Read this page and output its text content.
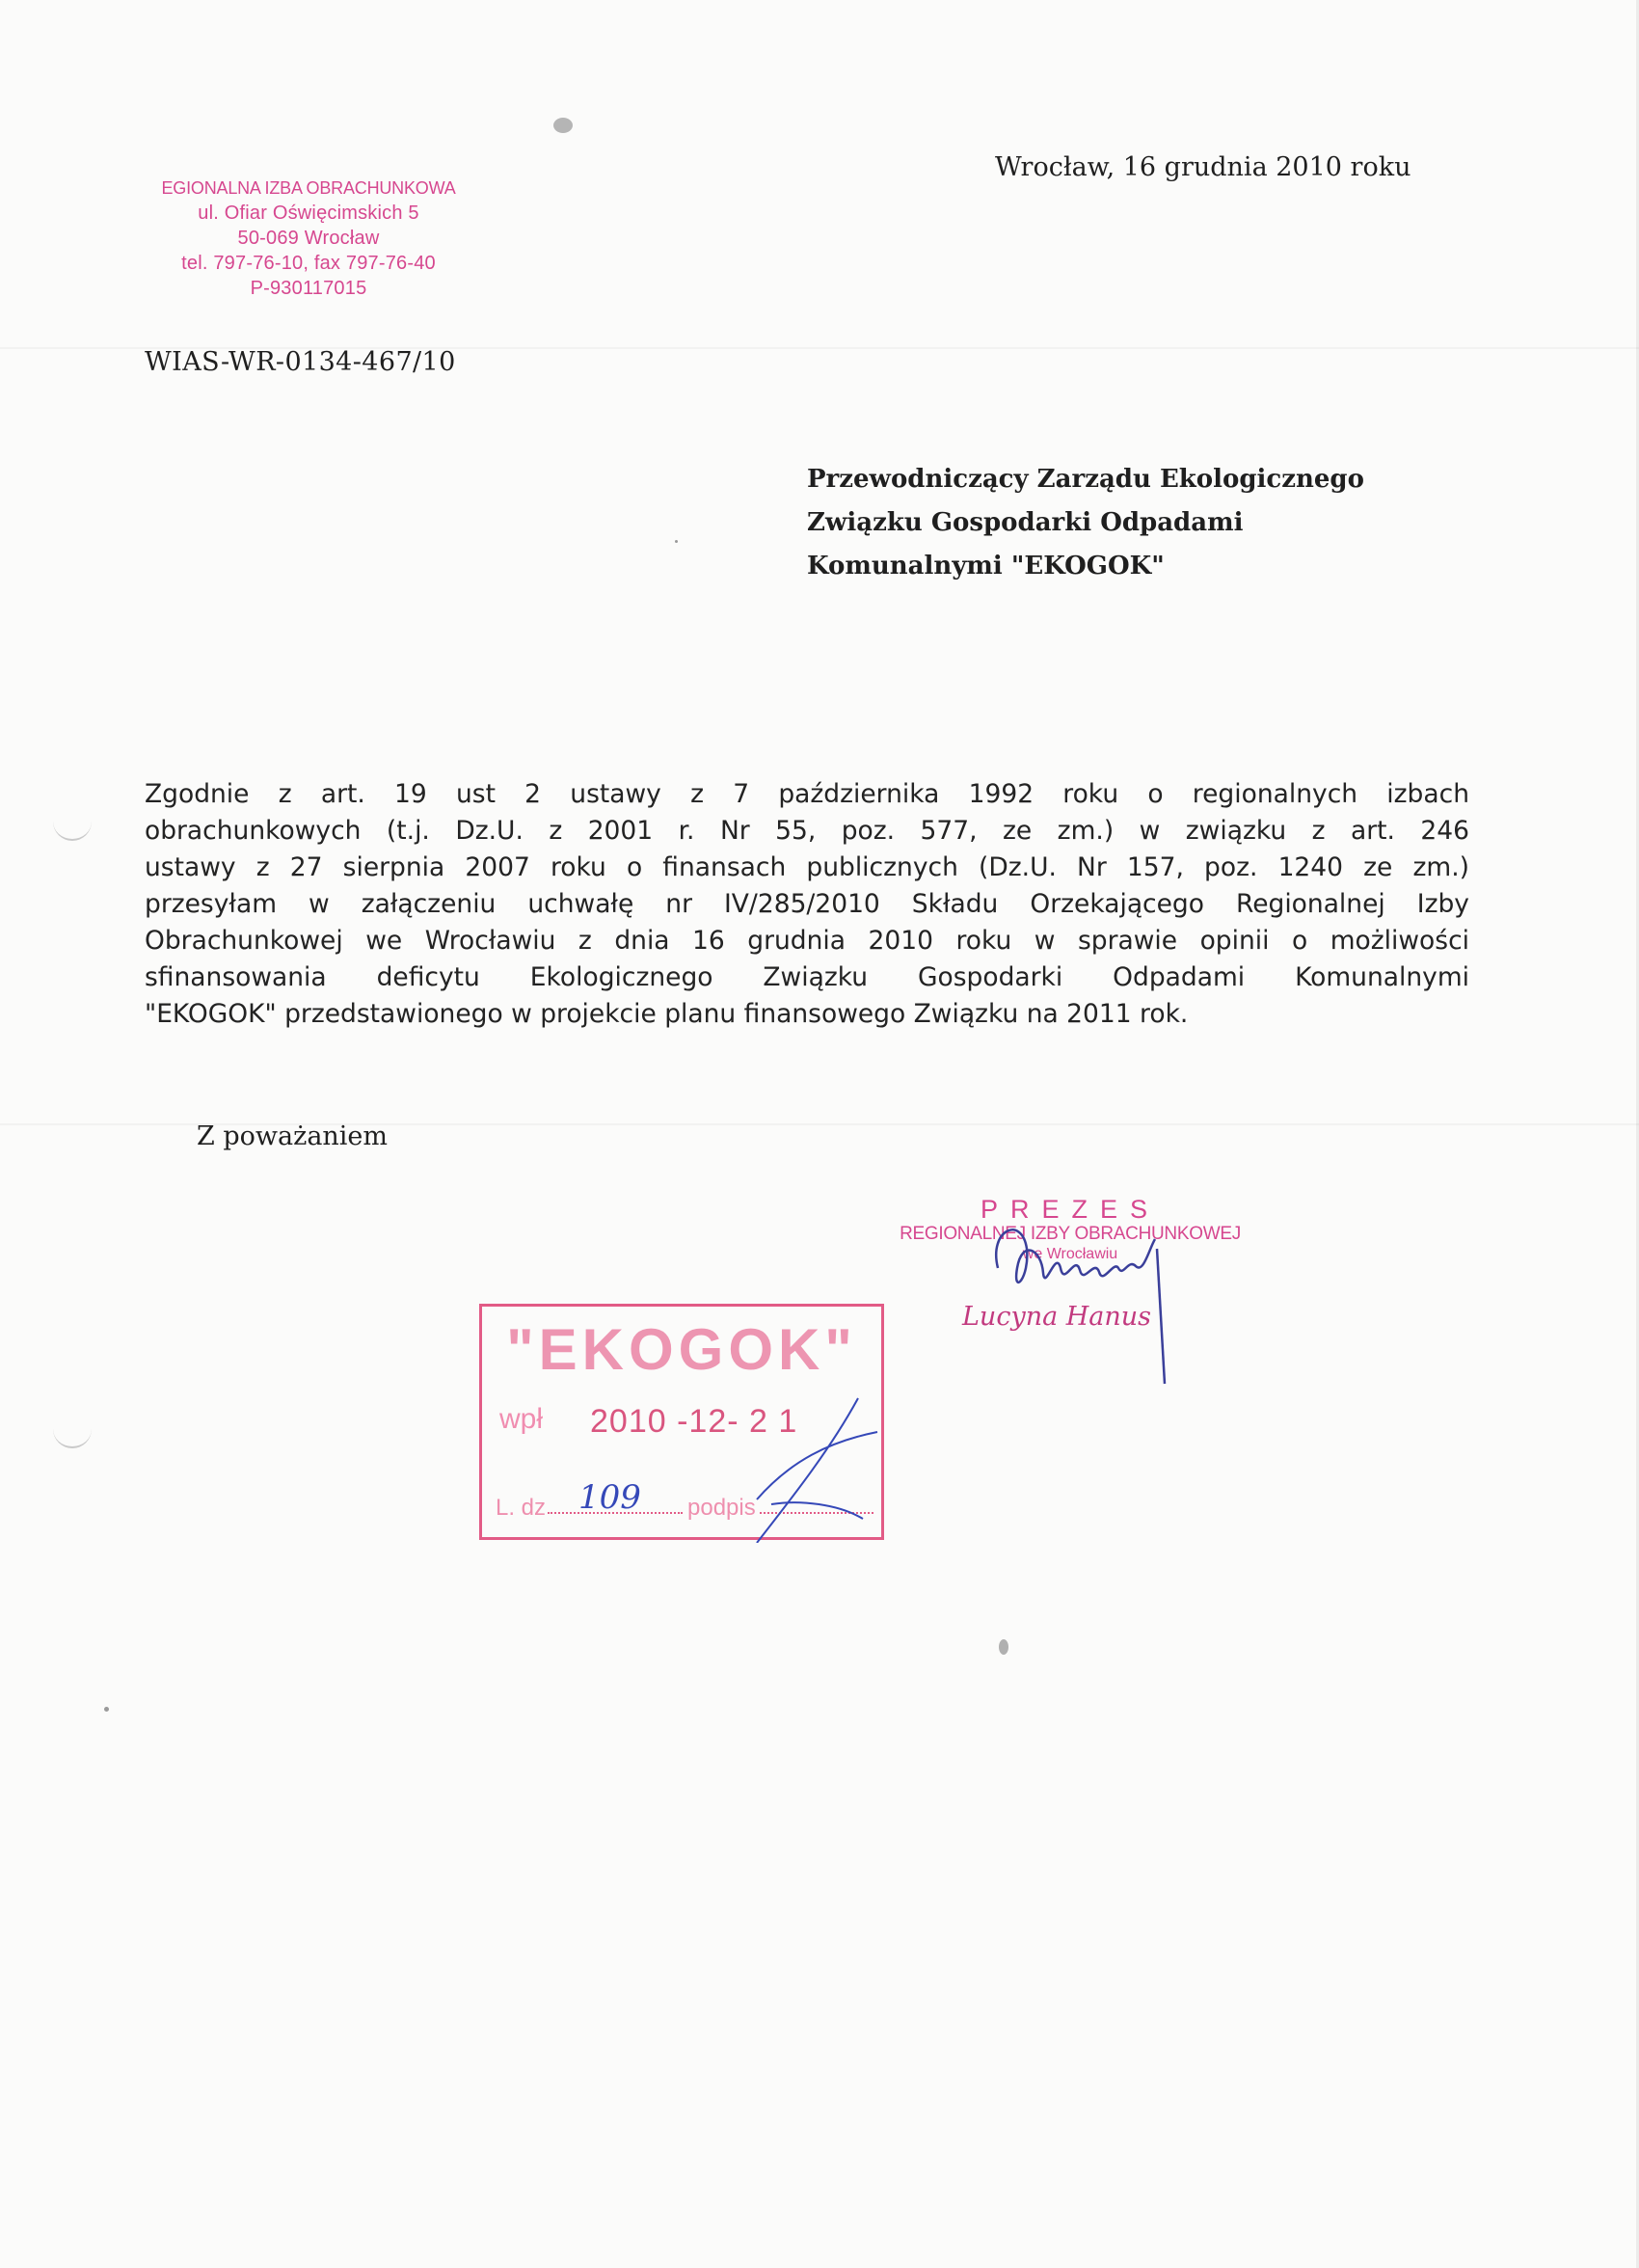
EGIONALNA IZBA OBRACHUNKOWA
ul. Ofiar Oświęcimskich 5
50-069 Wrocław
tel. 797-76-10, fax 797-76-40
P-930117015
Wrocław, 16 grudnia 2010 roku
WIAS-WR-0134-467/10
Przewodniczący Zarządu Ekologicznego
Związku Gospodarki Odpadami
Komunalnymi "EKOGOK"
Zgodnie z art. 19 ust 2 ustawy z 7 października 1992 roku o regionalnych izbach
obrachunkowych (t.j. Dz.U. z 2001 r. Nr 55, poz. 577, ze zm.) w związku z art. 246
ustawy z 27 sierpnia 2007 roku o finansach publicznych (Dz.U. Nr 157, poz. 1240 ze zm.)
przesyłam w załączeniu uchwałę nr IV/285/2010 Składu Orzekającego Regionalnej Izby
Obrachunkowej we Wrocławiu z dnia 16 grudnia 2010 roku w sprawie opinii o możliwości
sfinansowania deficytu Ekologicznego Związku Gospodarki Odpadami Komunalnymi
"EKOGOK" przedstawionego w projekcie planu finansowego Związku na 2011 rok.
Z poważaniem
PREZES
REGIONALNEJ IZBY OBRACHUNKOWEJ
we Wrocławiu
Lucyna Hanus
"EKOGOK"
wpł 2010 -12- 2 1
L. dz 109 podpis
